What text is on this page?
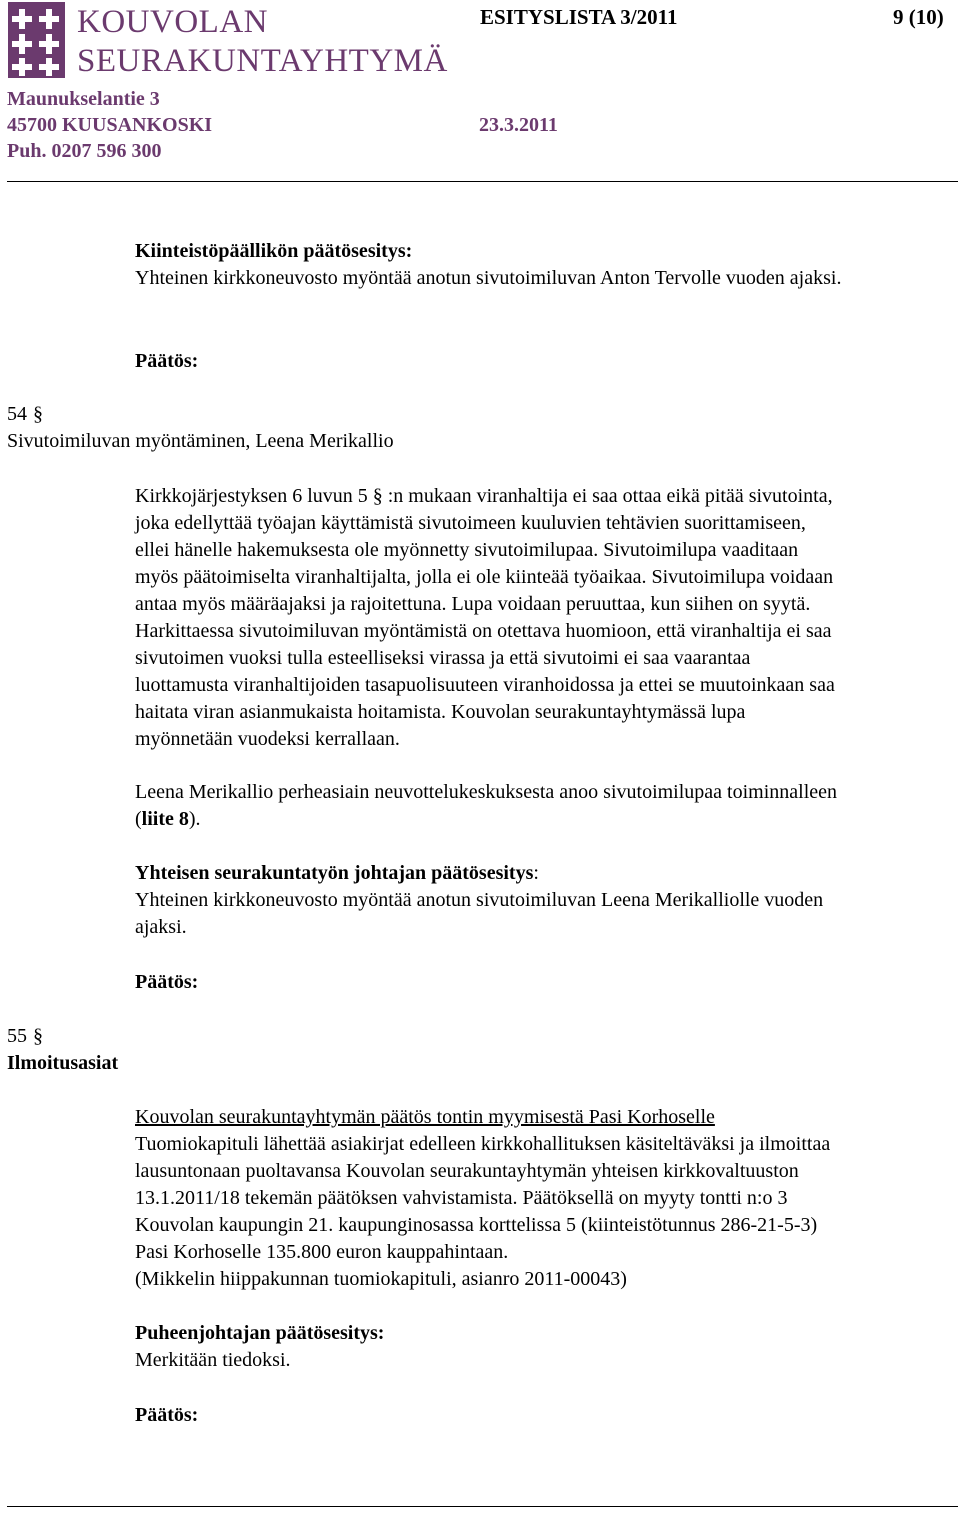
KOUVOLAN
SEURAKUNTAYHTYMÄ
ESITYSLISTA 3/2011	9 (10)
Maunukselantie 3
45700 KUUSANKOSKI	23.3.2011
Puh. 0207 596 300
Kiinteistöpäällikön päätösesitys:
Yhteinen kirkkoneuvosto myöntää anotun sivutoimiluvan Anton Tervolle vuoden ajaksi.
Päätös:
54 §
Sivutoimiluvan myöntäminen, Leena Merikallio
Kirkkojärjestyksen 6 luvun 5 § :n mukaan viranhaltija ei saa ottaa eikä pitää sivutointa,
joka edellyttää työajan käyttämistä sivutoimeen kuuluvien tehtävien suorittamiseen,
ellei hänelle hakemuksesta ole myönnetty sivutoimilupaa. Sivutoimilupa vaaditaan
myös päätoimiselta viranhaltijalta, jolla ei ole kiinteää työaikaa. Sivutoimilupa voidaan
antaa myös määräajaksi ja rajoitettuna. Lupa voidaan peruuttaa, kun siihen on syytä.
Harkittaessa sivutoimiluvan myöntämistä on otettava huomioon, että viranhaltija ei saa
sivutoimen vuoksi tulla esteelliseksi virassa ja että sivutoimi ei saa vaarantaa
luottamusta viranhaltijoiden tasapuolisuuteen viranhoidossa ja ettei se muutoinkaan saa
haitata viran asianmukaista hoitamista. Kouvolan seurakuntayhtymässä lupa
myönnetään vuodeksi kerrallaan.
Leena Merikallio perheasiain neuvottelukeskuksesta anoo sivutoimilupaa toiminnalleen
(liite 8).
Yhteisen seurakuntatyön johtajan päätösesitys:
Yhteinen kirkkoneuvosto myöntää anotun sivutoimiluvan Leena Merikalliolle vuoden
ajaksi.
Päätös:
55 §
Ilmoitusasiat
Kouvolan seurakuntayhtymän päätös tontin myymisestä Pasi Korhoselle
Tuomiokapituli lähettää asiakirjat edelleen kirkkohallituksen käsiteltäväksi ja ilmoittaa
lausuntonaan puoltavansa Kouvolan seurakuntayhtymän yhteisen kirkkovaltuuston
13.1.2011/18 tekemän päätöksen vahvistamista. Päätöksellä on myyty tontti n:o 3
Kouvolan kaupungin 21. kaupunginosassa korttelissa 5 (kiinteistötunnus 286-21-5-3)
Pasi Korhoselle 135.800 euron kauppahintaan.
(Mikkelin hiippakunnan tuomiokapituli, asianro 2011-00043)
Puheenjohtajan päätösesitys:
Merkitään tiedoksi.
Päätös:
